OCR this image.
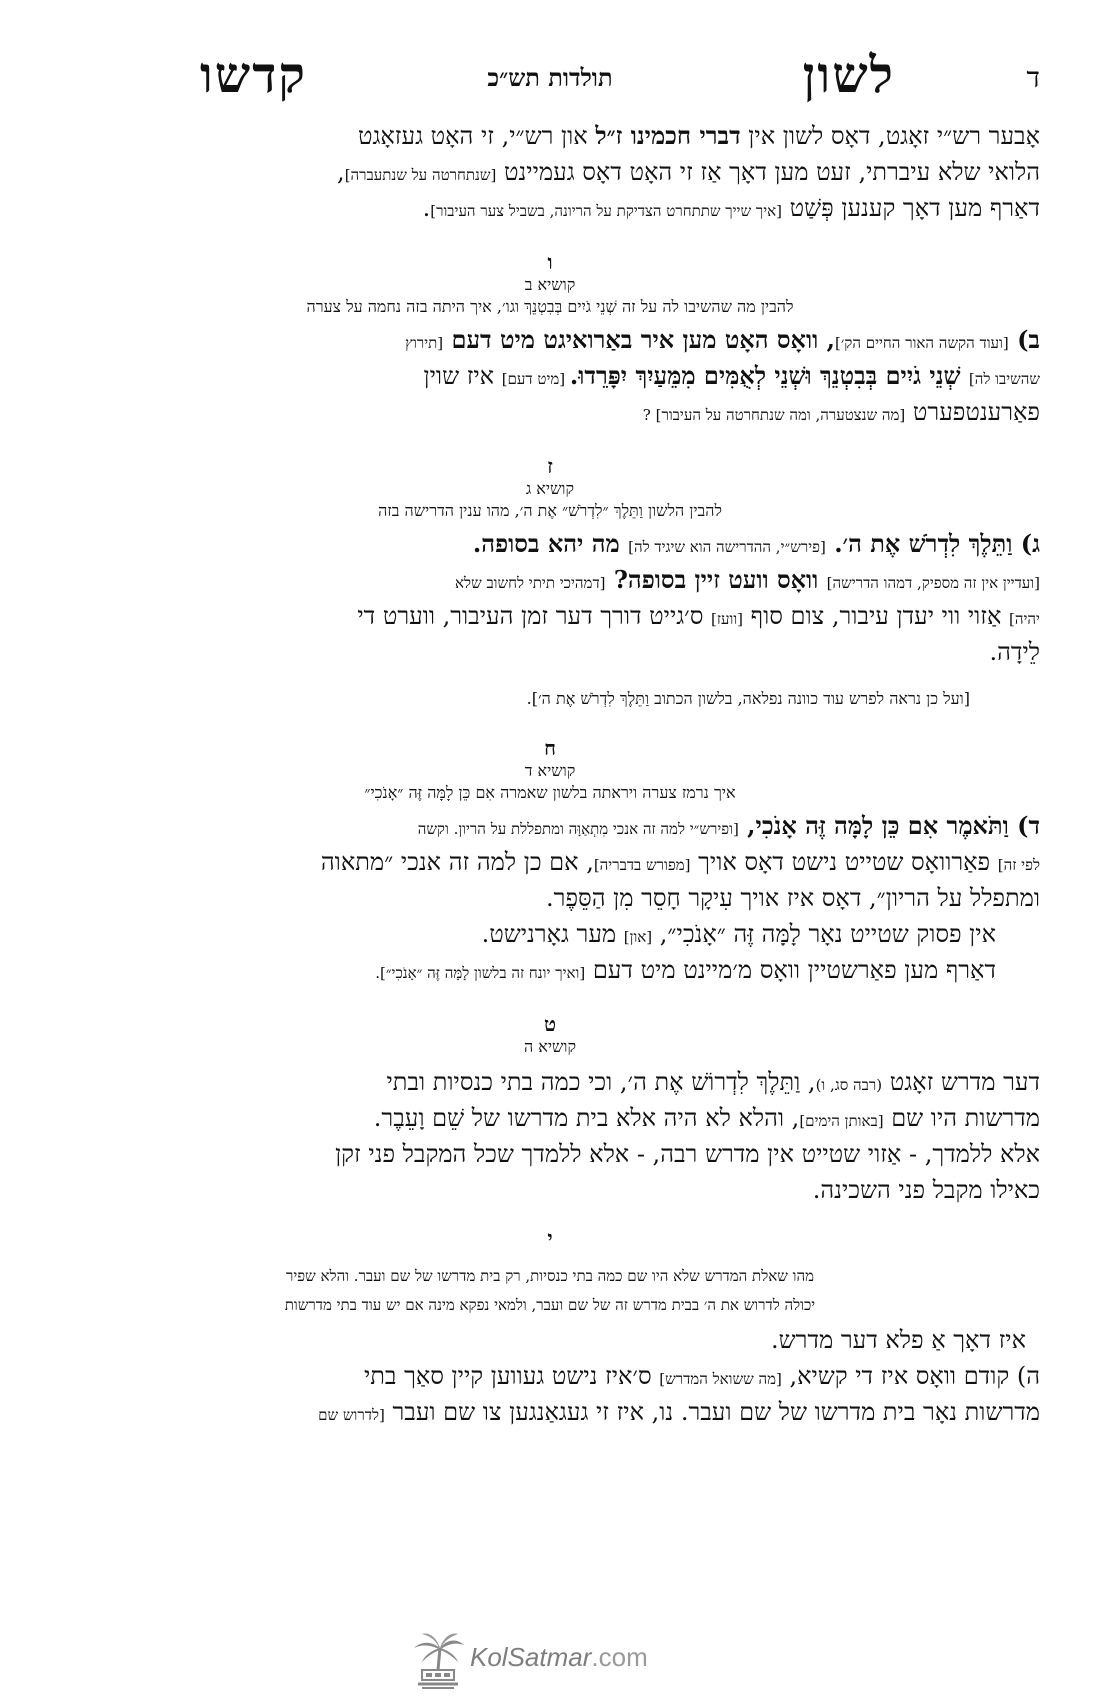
ד
לשון
תולדות תש״כ
קדשו

אָבער רש״י זאָגט, דאָס לשון אין דברי חכמינו ז״ל און רש״י, זי האָט געזאָגט

הלואי שלא עיברתי, זעט מען דאָך אַז זי האָט דאָס געמיינט [שנתחרטה על שנתעברה],

דאַרף מען דאָך קענען פְּשַׁט [איך שייך שתתחרט הצדיקת על הריונה, בשביל צער העיבור].

ו
קושיא ב
להבין מה שהשיבו לה על זה שְׁנֵי גֹיִים בְּבִטְנֵךְ וגו׳, איך היתה בזה נחמה על צערה

ב) [ועוד הקשה האור החיים הק׳], וואָס האָט מען איר באַרואיגט מיט דעם [תירוץ

שהשיבו לה] שְׁנֵי גֹיִים בְּבִטְנֵךְ וּשְׁנֵי לְאֻמִּים מִמֵּעַיִךְ יִפָּרֵדוּ. [מיט דעם] איז שוין

פאַרענטפערט [מה שנצטערה, ומה שנתחרטה על העיבור] ?

ז
קושיא ג
להבין הלשון וַתֵּלֶךְ ״לִדְרֹשׁ״ אֶת ה׳, מהו ענין הדרישה בזה

ג) וַתֵּלֶךְ לִדְרֹשׁ אֶת ה׳. [פירש״י, ההדרישה הוא שיגיד לה] מה יהא בסופה.

[ועדיין אין זה מספיק, דמהו הדרישה] וואָס וועט זיין בסופה? [דמהיכי תיתי לחשוב שלא

יהיה] אַזוי ווי יעדן עיבור, צום סוף [וועז] ס׳גייט דורך דער זמן העיבור, ווערט די

לֵידָה.

[ועל כן נראה לפרש עוד כוונה נפלאה, בלשון הכתוב וַתֵּלֶךְ לִדְרֹשׁ אֶת ה׳].

ח
קושיא ד
איך נרמז צערה ויראתה בלשון שאמרה אִם כֵּן לָמָּה זֶּה ״אָנֹכִי״

ד) וַתֹּאמֶר אִם כֵּן לָמָּה זֶּה אָנֹכִי, [ופירש״י למה זה אנכי מִתְאַוָּה ומתפללת על הריון. וקשה

לפי זה] פאַרוואָס שטייט נישט דאָס אויך [מפורש בדבריה], אם כן למה זה אנכי ״מתאוה

ומתפלל על הריון״, דאָס איז אויך עִיקָר חָסֵר מִן הַסֵּפֶר.

אין פסוק שטייט נאָר לָמָּה זֶּה ״אָנֹכִי״, [און] מער גאָרנישט.

דאַרף מען פאַרשטיין וואָס מ׳מיינט מיט דעם [ואיך יונח זה בלשון לָמָּה זֶּה ״אָנֹכִי״].

ט
קושיא ה

דער מדרש זאָגט (רבה סג, ו), וַתֵּלֶךְ לִדְרוֹשׁ אֶת ה׳, וכי כמה בתי כנסיות ובתי

מדרשות היו שם [באותן הימים], והלא לא היה אלא בית מדרשו של שֵׁם וָעֵבֶר.

אלא ללמדך, - אַזוי שטייט אין מדרש רבה, - אלא ללמדך שכל המקבל פני זקן

כאילו מקבל פני השכינה.

י

מהו שאלת המדרש שלא היו שם כמה בתי כנסיות, רק בית מדרשו של שם ועבר. והלא שפיר

יכולה לדרוש את ה׳ בבית מדרש זה של שם ועבר, ולמאי נפקא מינה אם יש עוד בתי מדרשות

איז דאָך אַ פלא דער מדרש.

ה) קודם וואָס איז די קשיא, [מה ששואל המדרש] ס׳איז נישט געווען קיין סאַך בתי

מדרשות נאָר בית מדרשו של שם ועבר. נו, איז זי געגאַנגען צו שם ועבר [לדרוש שם

KolSatmar.com
